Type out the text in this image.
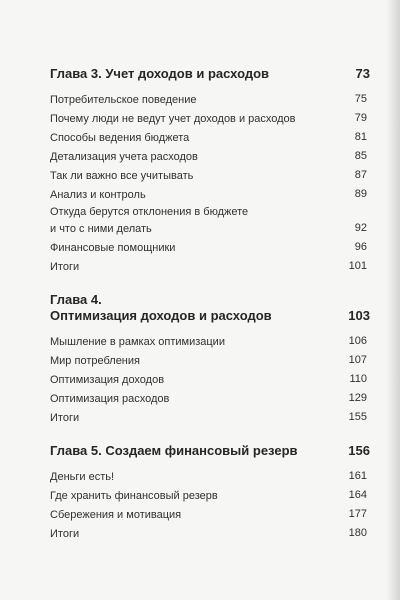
Глава 3. Учет доходов и расходов	73
Потребительское поведение	75
Почему люди не ведут учет доходов и расходов	79
Способы ведения бюджета	81
Детализация учета расходов	85
Так ли важно все учитывать	87
Анализ и контроль	89
Откуда берутся отклонения в бюджете
и что с ними делать	92
Финансовые помощники	96
Итоги	101
Глава 4.
Оптимизация доходов и расходов	103
Мышление в рамках оптимизации	106
Мир потребления	107
Оптимизация доходов	110
Оптимизация расходов	129
Итоги	155
Глава 5. Создаем финансовый резерв	156
Деньги есть!	161
Где хранить финансовый резерв	164
Сбережения и мотивация	177
Итоги	180
